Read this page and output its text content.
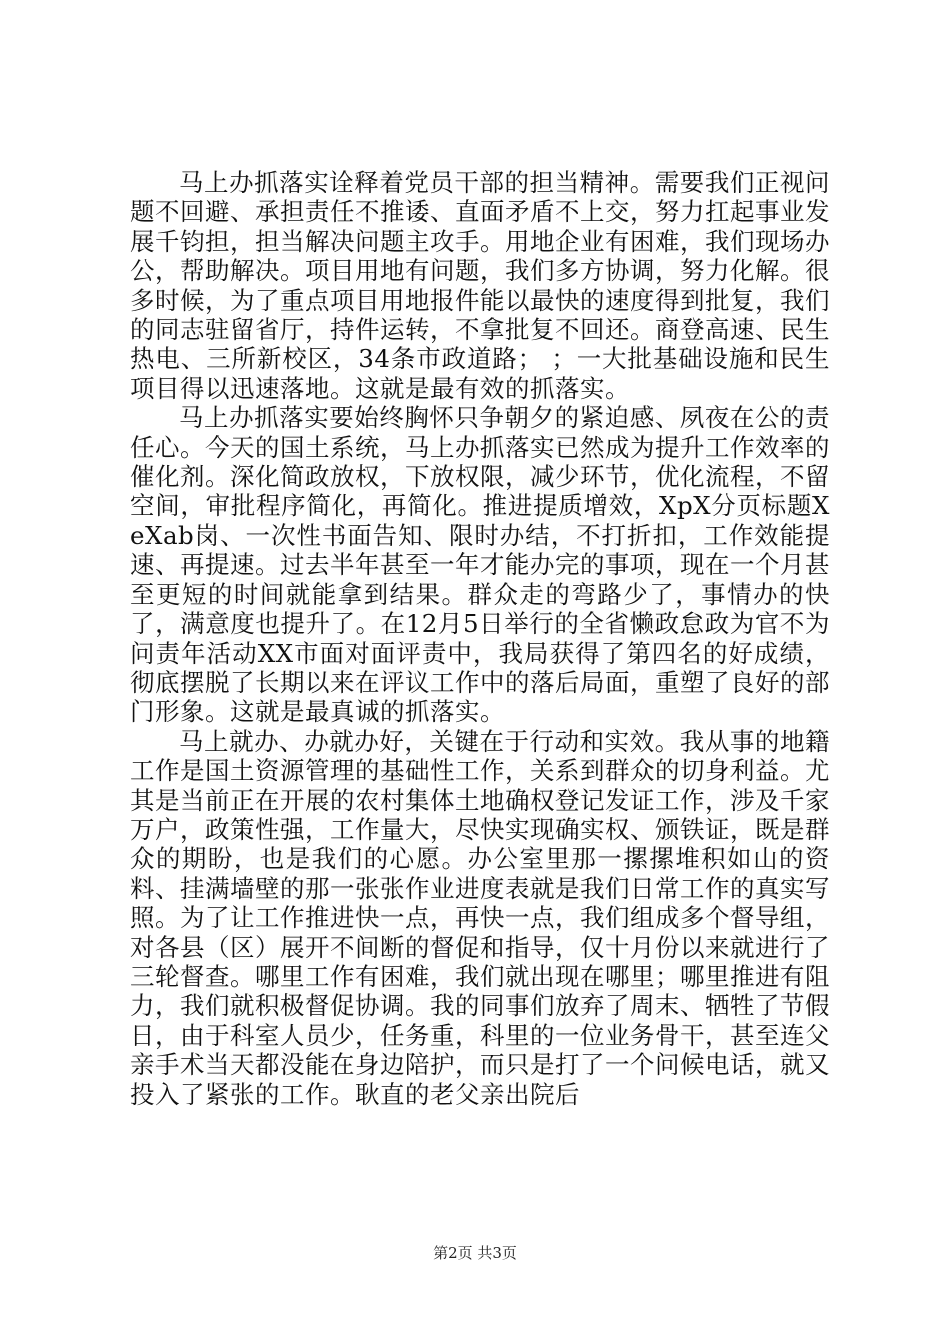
马上办抓落实诠释着党员干部的担当精神。需要我们正视问题不回避、承担责任不推诿、直面矛盾不上交，努力扛起事业发展千钧担，担当解决问题主攻手。用地企业有困难，我们现场办公，帮助解决。项目用地有问题，我们多方协调，努力化解。很多时候，为了重点项目用地报件能以最快的速度得到批复，我们的同志驻留省厅，持件运转，不拿批复不回还。商登高速、民生热电、三所新校区，34条市政道路； ；一大批基础设施和民生项目得以迅速落地。这就是最有效的抓落实。

马上办抓落实要始终胸怀只争朝夕的紧迫感、夙夜在公的责任心。今天的国土系统，马上办抓落实已然成为提升工作效率的催化剂。深化简政放权，下放权限，减少环节，优化流程，不留空间，审批程序简化，再简化。推进提质增效，XpX分页标题XeXab岗、一次性书面告知、限时办结，不打折扣，工作效能提速、再提速。过去半年甚至一年才能办完的事项，现在一个月甚至更短的时间就能拿到结果。群众走的弯路少了，事情办的快了，满意度也提升了。在12月5日举行的全省懒政怠政为官不为问责年活动XX市面对面评责中，我局获得了第四名的好成绩，彻底摆脱了长期以来在评议工作中的落后局面，重塑了良好的部门形象。这就是最真诚的抓落实。

马上就办、办就办好，关键在于行动和实效。我从事的地籍工作是国土资源管理的基础性工作，关系到群众的切身利益。尤其是当前正在开展的农村集体土地确权登记发证工作，涉及千家万户，政策性强，工作量大，尽快实现确实权、颁铁证，既是群众的期盼，也是我们的心愿。办公室里那一摞摞堆积如山的资料、挂满墙壁的那一张张作业进度表就是我们日常工作的真实写照。为了让工作推进快一点，再快一点，我们组成多个督导组，对各县（区）展开不间断的督促和指导，仅十月份以来就进行了三轮督查。哪里工作有困难，我们就出现在哪里；哪里推进有阻力，我们就积极督促协调。我的同事们放弃了周末、牺牲了节假日，由于科室人员少，任务重，科里的一位业务骨干，甚至连父亲手术当天都没能在身边陪护，而只是打了一个问候电话，就又投入了紧张的工作。耿直的老父亲出院后

第2页 共3页
